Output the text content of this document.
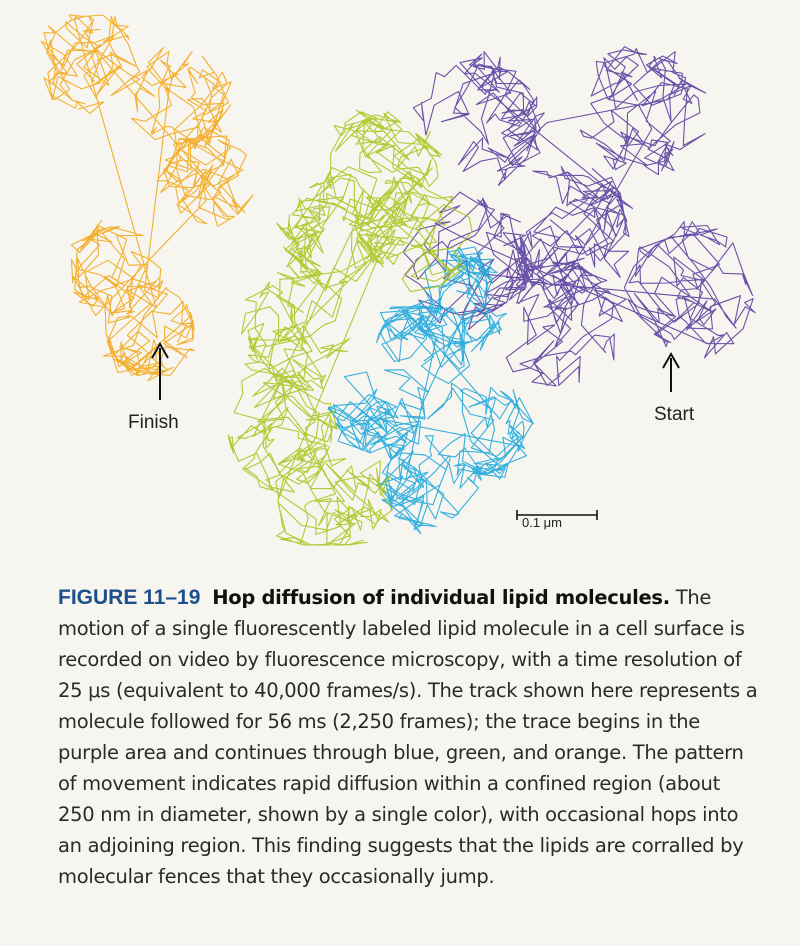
Finish	Start
0.1 μm
FIGURE 11–19 Hop diffusion of individual lipid molecules. The motion of a single fluorescently labeled lipid molecule in a cell surface is recorded on video by fluorescence microscopy, with a time resolution of 25 μs (equivalent to 40,000 frames/s). The track shown here represents a molecule followed for 56 ms (2,250 frames); the trace begins in the purple area and continues through blue, green, and orange. The pattern of movement indicates rapid diffusion within a confined region (about 250 nm in diameter, shown by a single color), with occasional hops into an adjoining region. This finding suggests that the lipids are corralled by molecular fences that they occasionally jump.
